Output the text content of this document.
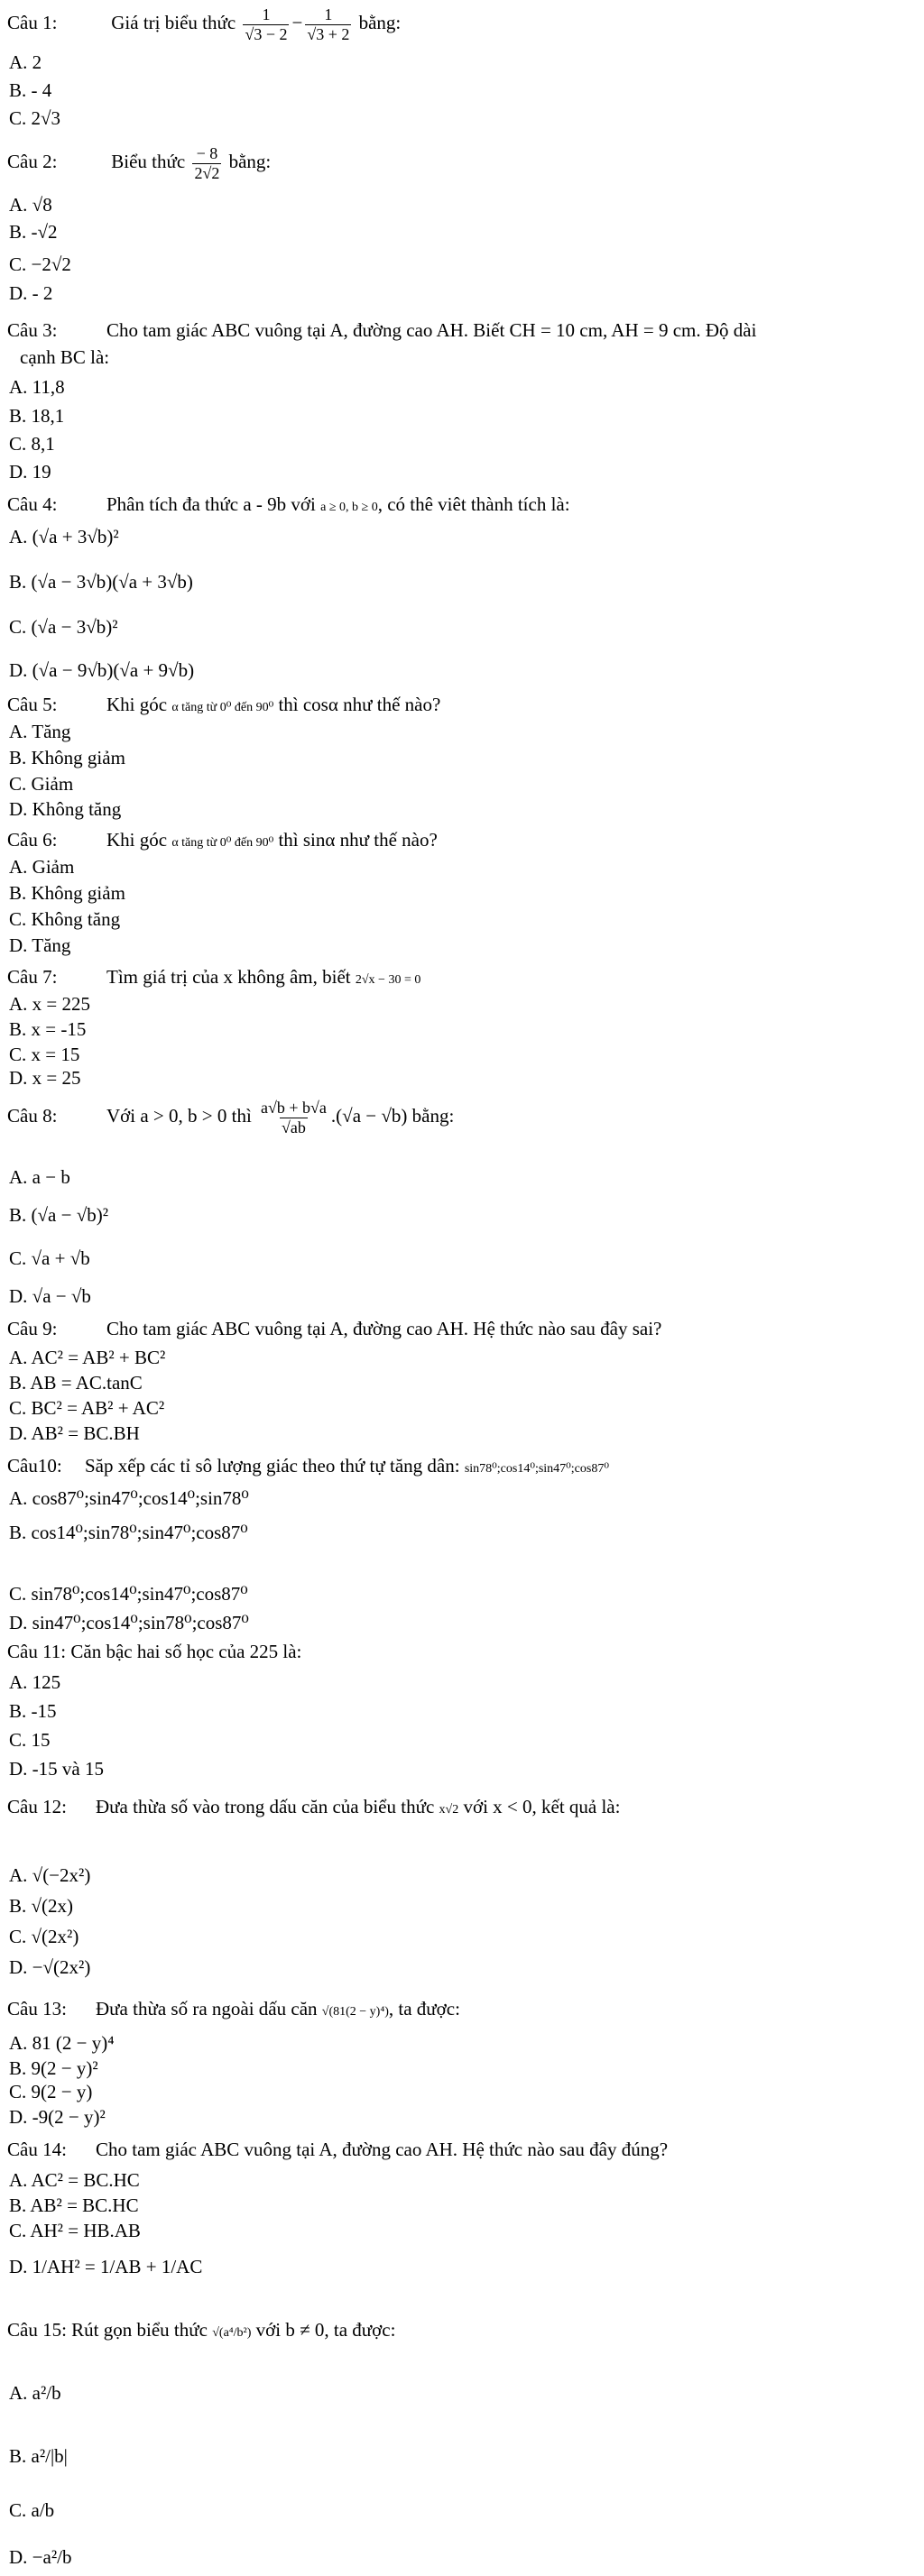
Câu 1:	Giá trị biểu thức $\frac{1}{√3 - 2} - \frac{1}{√3 + 2}$ bằng:
A. 2
B. - 4
C. 2√3
Câu 2:	Biểu thức $\frac{- 8}{2√2}$ bằng:
A. √8
B. -√2
C. −2√2
D. - 2
Câu 3:	Cho tam giác ABC vuông tại A, đường cao AH. Biết CH = 10 cm, AH = 9 cm. Độ dài
cạnh BC là:
A. 11,8
B. 18,1
C. 8,1
D. 19
Câu 4:	Phân tích đa thức a - 9b với a ≥ 0, b ≥ 0, có thê viêt thành tích là:
A. (√a + 3√b)²
B. (√a − 3√b)(√a + 3√b)
C. (√a − 3√b)²
D. (√a − 9√b)(√a + 9√b)
Câu 5:	Khi góc α tăng từ 0⁰ đến 90⁰ thì cosα như thế nào?
A. Tăng
B. Không giảm
C. Giảm
D. Không tăng
Câu 6:	Khi góc α tăng từ 0⁰ đến 90⁰ thì sinα như thế nào?
A. Giảm
B. Không giảm
C. Không tăng
D. Tăng
Câu 7:	Tìm giá trị của x không âm, biết 2√x − 30 = 0
A. x = 225
B. x = -15
C. x = 15
D. x = 25
Câu 8:	Với a > 0, b > 0 thì $\frac{a√b + b√a}{√ab} .(√a - √b)$ bằng:
A. a − b
B. (√a − √b)²
C. √a + √b
D. √a − √b
Câu 9:	Cho tam giác ABC vuông tại A, đường cao AH. Hệ thức nào sau đây sai?
A. AC² = AB² + BC²
B. AB = AC.tanC
C. BC² = AB² + AC²
D. AB² = BC.BH
Câu10: Săp xếp các tỉ sô lượng giác theo thứ tự tăng dân: sin78⁰;cos14⁰;sin47⁰;cos87⁰
A. cos87⁰;sin47⁰;cos14⁰;sin78⁰
B. cos14⁰;sin78⁰;sin47⁰;cos87⁰
C. sin78⁰;cos14⁰;sin47⁰;cos87⁰
D. sin47⁰;cos14⁰;sin78⁰;cos87⁰
Câu 11: Căn bậc hai số học của 225 là:
A. 125
B. -15
C. 15
D. -15 và 15
Câu 12: Đưa thừa số vào trong dấu căn của biểu thức x√2 với x < 0, kết quả là:
A. √(−2x²)
B. √(2x)
C. √(2x²)
D. −√(2x²)
Câu 13: Đưa thừa số ra ngoài dấu căn √(81(2 − y)⁴), ta được:
A. 81 (2 − y)⁴
B. 9(2 − y)²
C. 9(2 − y)
D. -9(2 − y)²
Câu 14: Cho tam giác ABC vuông tại A, đường cao AH. Hệ thức nào sau đây đúng?
A. AC² = BC.HC
B. AB² = BC.HC
C. AH² = HB.AB
D. 1/AH² = 1/AB + 1/AC
Câu 15: Rút gọn biểu thức √(a⁴/b²) với b ≠ 0, ta được:
A. a²/b
B. a²/|b|
C. a/b
D. −a²/b
